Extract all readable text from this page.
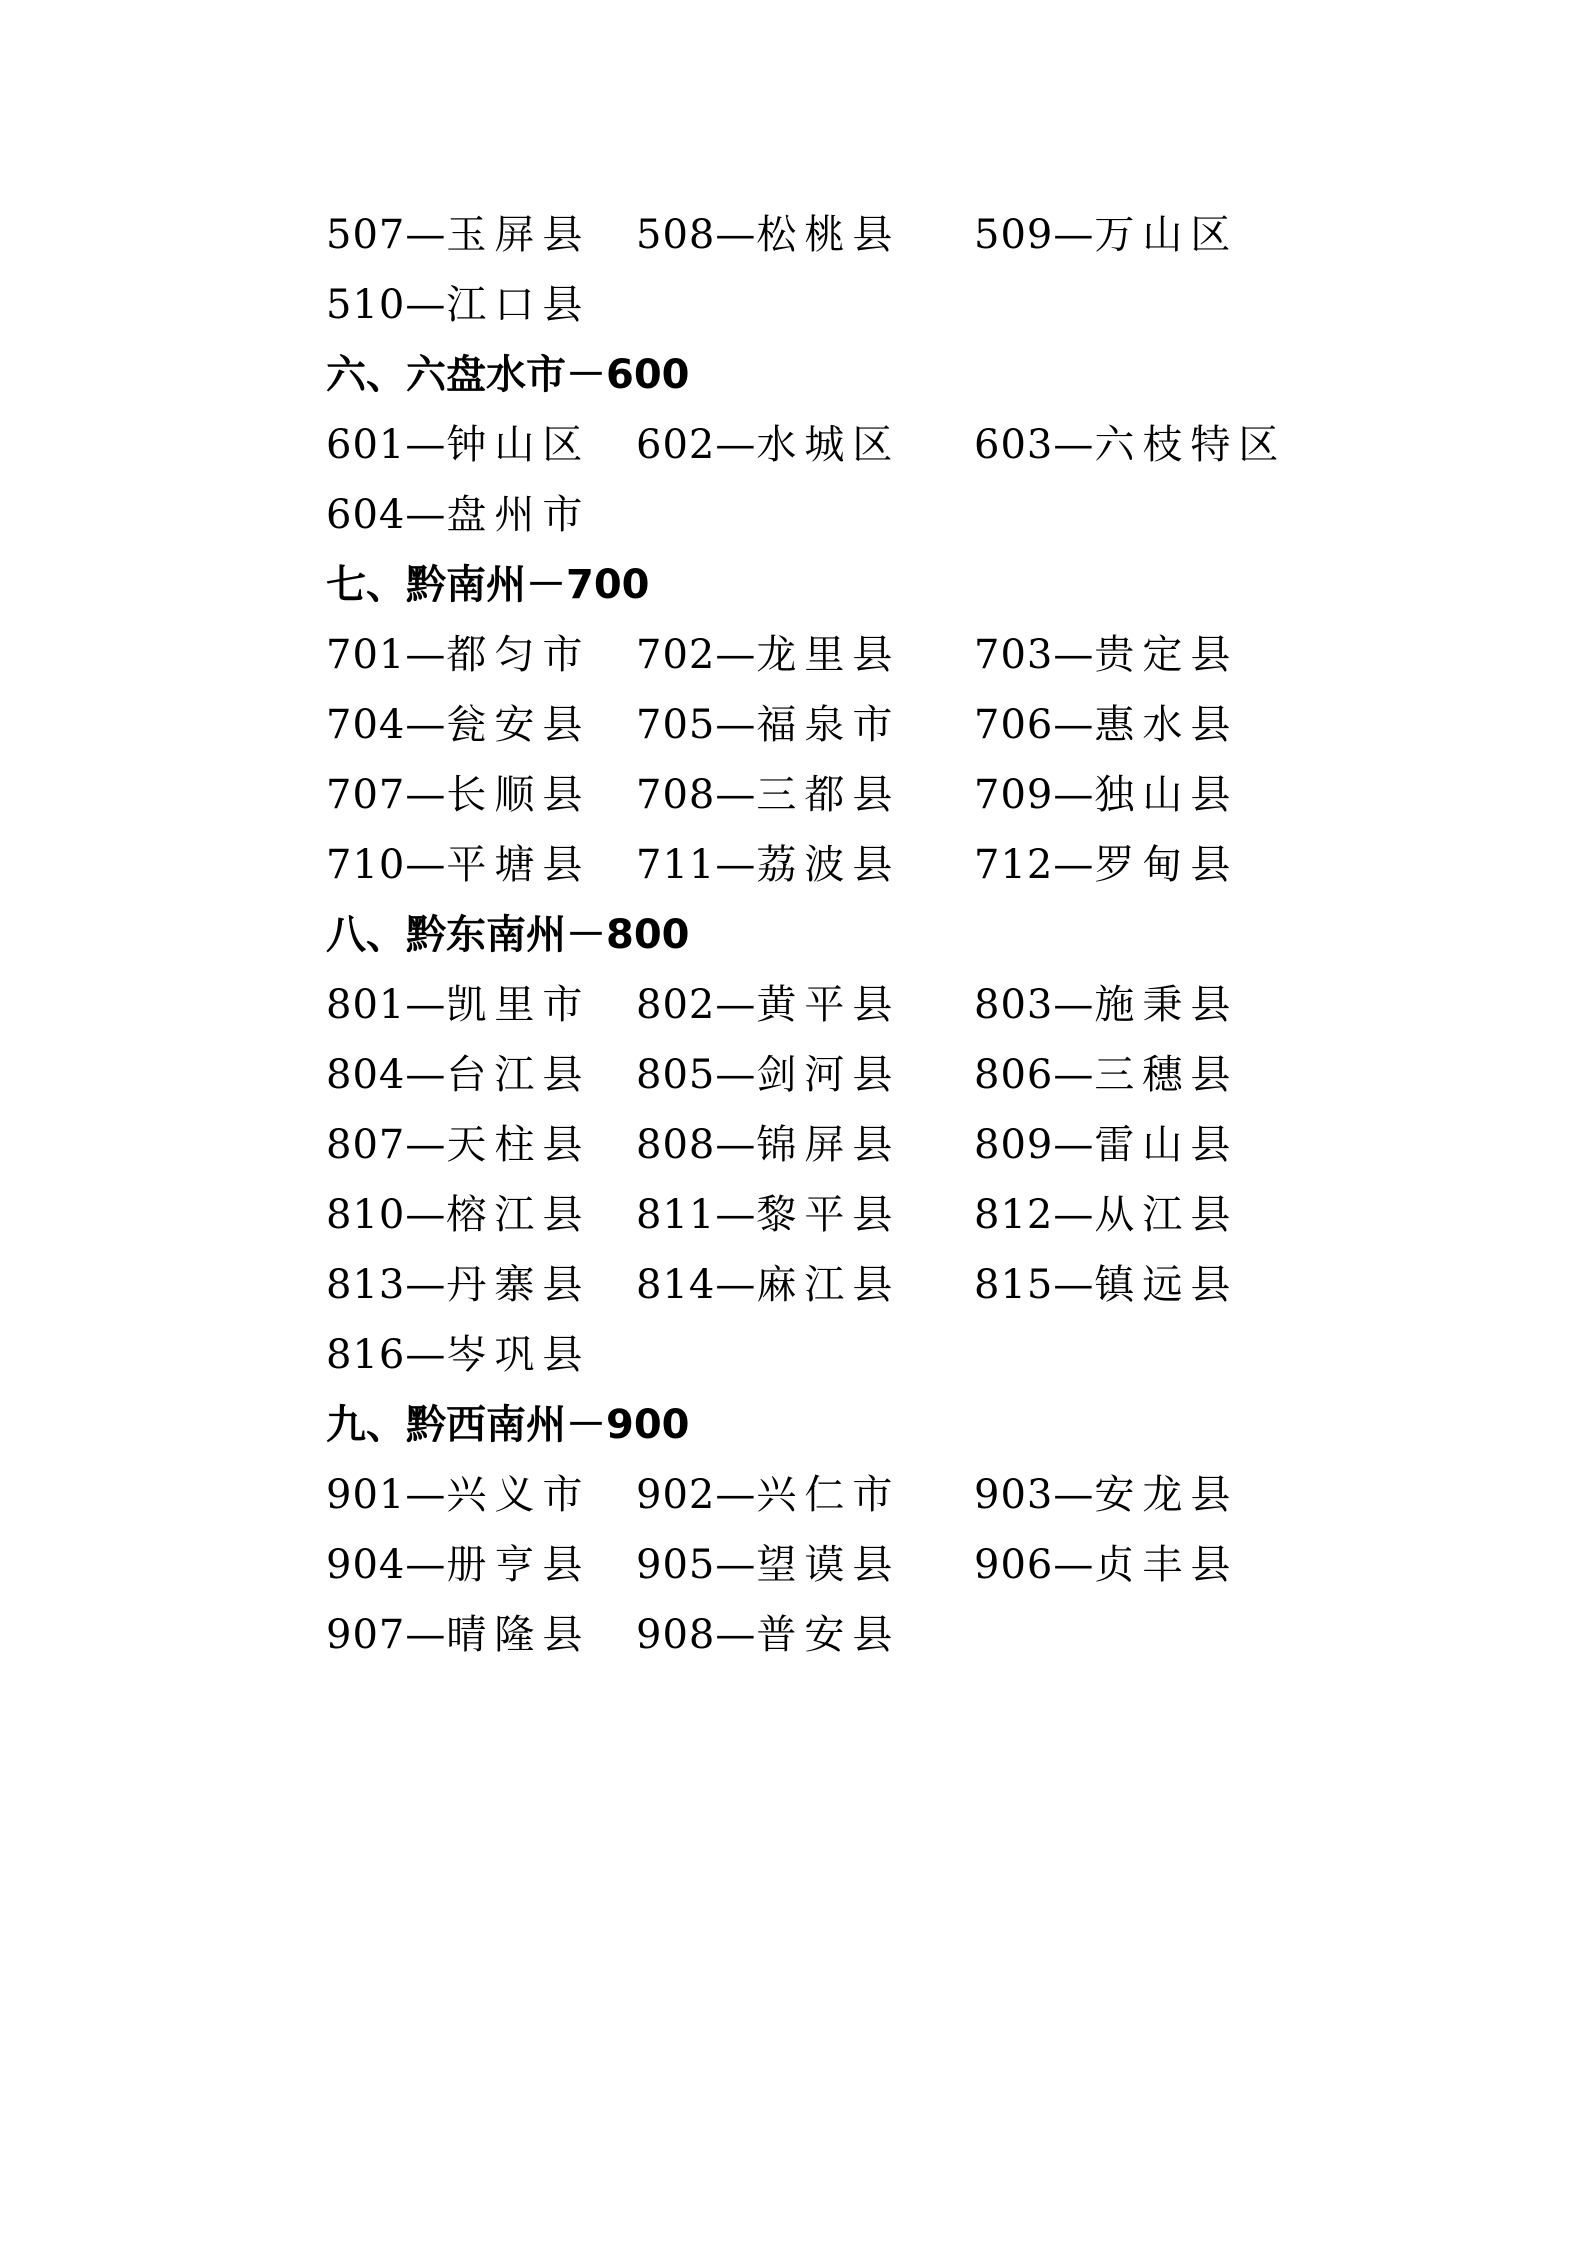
507—玉屏县	508—松桃县	509—万山区
510—江口县
六、六盘水市－600
601—钟山区	602—水城区	603—六枝特区
604—盘州市
七、黔南州－700
701—都匀市	702—龙里县	703—贵定县
704—瓮安县	705—福泉市	706—惠水县
707—长顺县	708—三都县	709—独山县
710—平塘县	711—荔波县	712—罗甸县
八、黔东南州－800
801—凯里市	802—黄平县	803—施秉县
804—台江县	805—剑河县	806—三穗县
807—天柱县	808—锦屏县	809—雷山县
810—榕江县	811—黎平县	812—从江县
813—丹寨县	814—麻江县	815—镇远县
816—岑巩县
九、黔西南州－900
901—兴义市	902—兴仁市	903—安龙县
904—册亨县	905—望谟县	906—贞丰县
907—晴隆县	908—普安县
